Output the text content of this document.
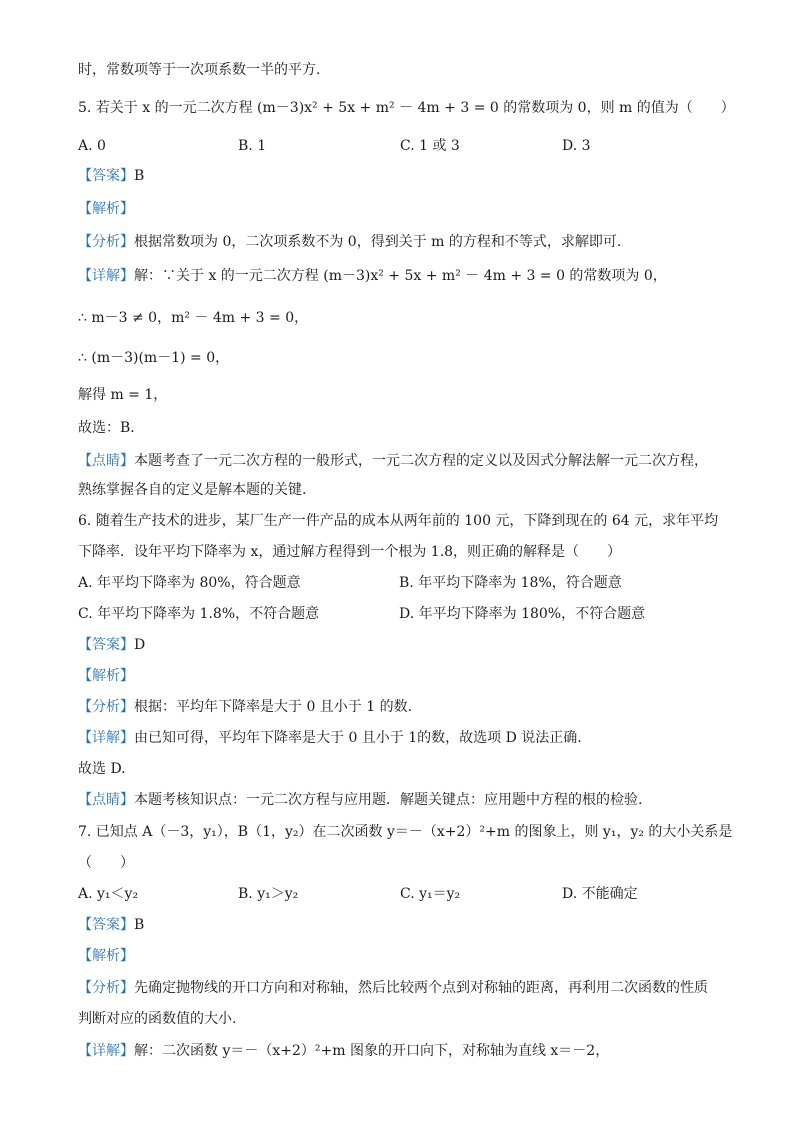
时，常数项等于一次项系数一半的平方.
5. 若关于 x 的一元二次方程 (m－3)x² + 5x + m² － 4m + 3 = 0 的常数项为 0，则 m 的值为（　　）
A. 0	B. 1	C. 1 或 3	D. 3
【答案】B
【解析】
【分析】根据常数项为 0，二次项系数不为 0，得到关于 m 的方程和不等式，求解即可.
【详解】解：∵关于 x 的一元二次方程 (m－3)x² + 5x + m² － 4m + 3 = 0 的常数项为 0，
∴ m－3 ≠ 0，m² － 4m + 3 = 0，
∴ (m－3)(m－1) = 0，
解得 m = 1，
故选：B．
【点睛】本题考查了一元二次方程的一般形式，一元二次方程的定义以及因式分解法解一元二次方程，
熟练掌握各自的定义是解本题的关键.
6. 随着生产技术的进步，某厂生产一件产品的成本从两年前的 100 元，下降到现在的 64 元，求年平均
下降率．设年平均下降率为 x，通过解方程得到一个根为 1.8，则正确的解释是（　　）
A. 年平均下降率为 80%，符合题意	B. 年平均下降率为 18%，符合题意
C. 年平均下降率为 1.8%，不符合题意	D. 年平均下降率为 180%，不符合题意
【答案】D
【解析】
【分析】根据：平均年下降率是大于 0 且小于 1 的数.
【详解】由已知可得，平均年下降率是大于 0 且小于 1的数，故选项 D 说法正确.
故选 D.
【点睛】本题考核知识点：一元二次方程与应用题．解题关键点：应用题中方程的根的检验.
7. 已知点 A（－3，y₁），B（1，y₂）在二次函数 y＝－（x+2）²+m 的图象上，则 y₁，y₂ 的大小关系是
（　　）
A. y₁＜y₂	B. y₁＞y₂	C. y₁＝y₂	D. 不能确定
【答案】B
【解析】
【分析】先确定抛物线的开口方向和对称轴，然后比较两个点到对称轴的距离，再利用二次函数的性质
判断对应的函数值的大小.
【详解】解：二次函数 y＝－（x+2）²+m 图象的开口向下，对称轴为直线 x＝－2，
